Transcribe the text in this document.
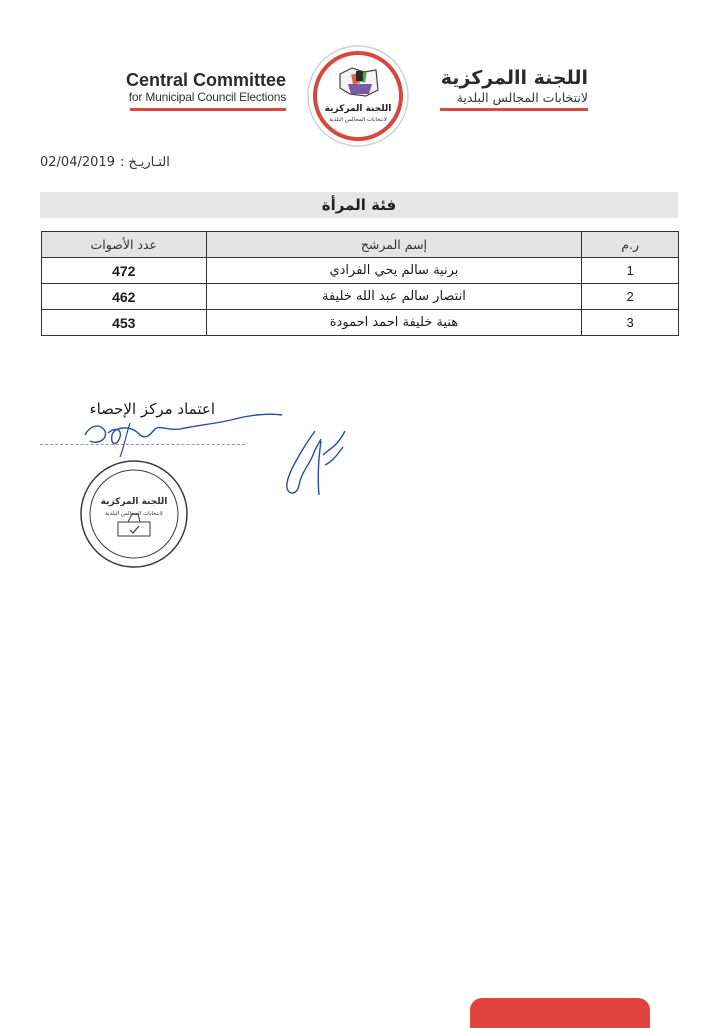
Central Committee
for Municipal Council Elections
اللجنة االمركزية
لانتخابات المجالس البلدية
اللجنة المركزية
لانتخابات المجالس البلدية
02/04/2019 التـاريـخ :
فئة المرأة
ر.م	إسم المرشح	عدد الأصوات
1	برنية سالم يحي الفرادي	472
2	انتصار سالم عبد الله خليفة	462
3	هنية خليفة احمد احمودة	453
اعتماد مركز الإحصاء
اللجنة المركزية
لانتخابات المجالس البلدية
